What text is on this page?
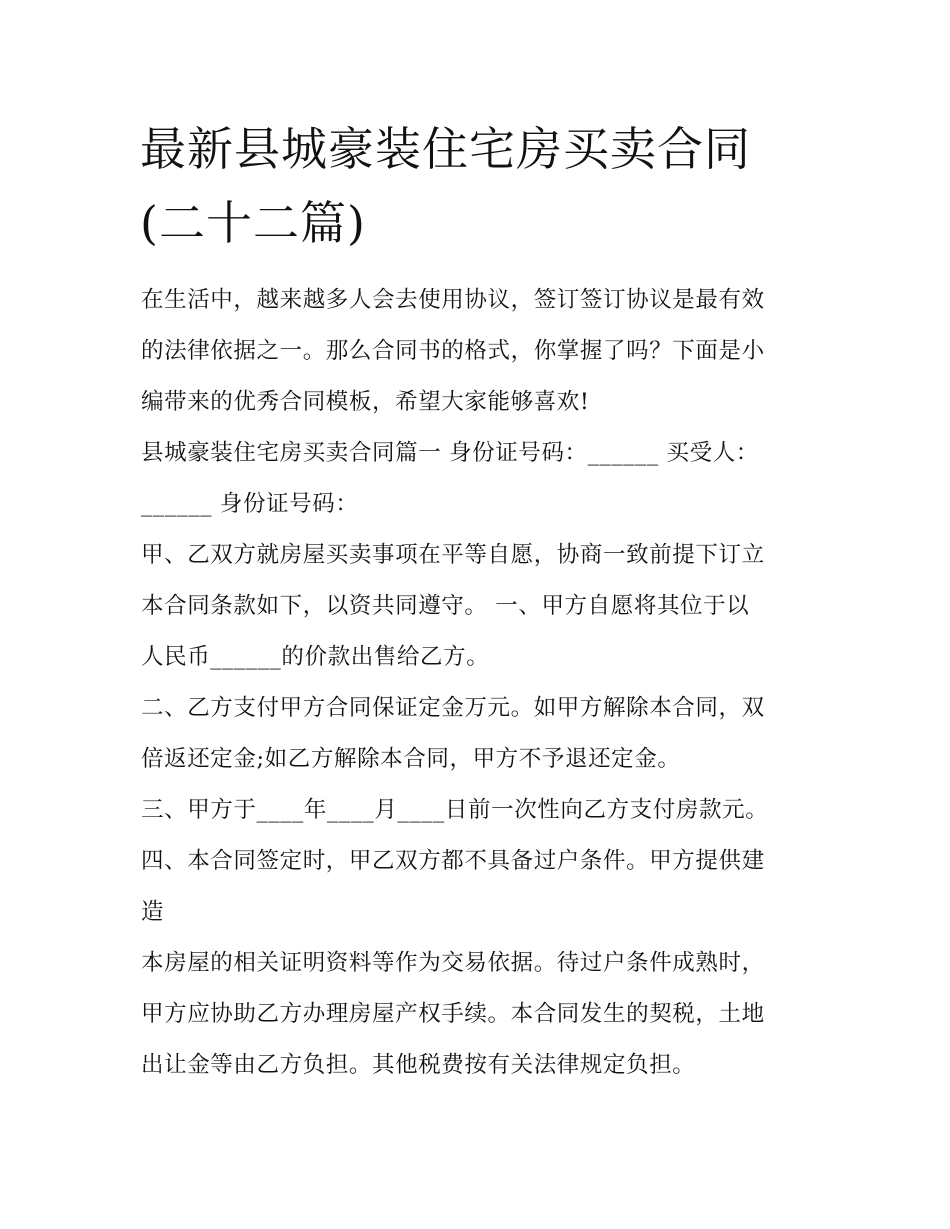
最新县城豪装住宅房买卖合同
(二十二篇)
在生活中，越来越多人会去使用协议，签订签订协议是最有效
的法律依据之一。那么合同书的格式，你掌握了吗？下面是小
编带来的优秀合同模板，希望大家能够喜欢!
县城豪装住宅房买卖合同篇一 身份证号码：______ 买受人：
______ 身份证号码：
甲、乙双方就房屋买卖事项在平等自愿，协商一致前提下订立
本合同条款如下，以资共同遵守。 一、甲方自愿将其位于以
人民币______的价款出售给乙方。
二、乙方支付甲方合同保证定金万元。如甲方解除本合同，双
倍返还定金;如乙方解除本合同，甲方不予退还定金。
三、甲方于____年____月____日前一次性向乙方支付房款元。
四、本合同签定时，甲乙双方都不具备过户条件。甲方提供建
造
本房屋的相关证明资料等作为交易依据。待过户条件成熟时，
甲方应协助乙方办理房屋产权手续。本合同发生的契税，土地
出让金等由乙方负担。其他税费按有关法律规定负担。
